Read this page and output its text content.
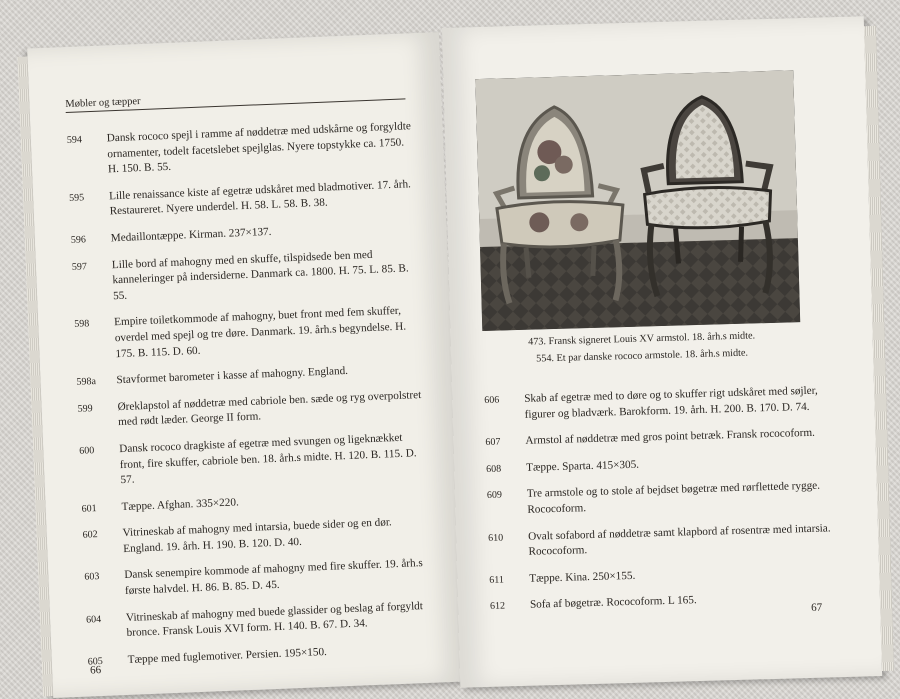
Møbler og tæpper
594	Dansk rococo spejl i ramme af nøddetræ med udskårne og forgyldte ornamenter, todelt facetslebet spejlglas. Nyere topstykke ca. 1750. H. 150. B. 55.
595	Lille renaissance kiste af egetræ udskåret med bladmotiver. 17. årh. Restaureret. Nyere underdel. H. 58. L. 58. B. 38.
596	Medaillontæppe. Kirman. 237×137.
597	Lille bord af mahogny med en skuffe, tilspidsede ben med kanneleringer på indersiderne. Danmark ca. 1800. H. 75. L. 85. B. 55.
598	Empire toiletkommode af mahogny, buet front med fem skuffer, overdel med spejl og tre døre. Danmark. 19. årh.s begyndelse. H. 175. B. 115. D. 60.
598a	Stavformet barometer i kasse af mahogny. England.
599	Øreklapstol af nøddetræ med cabriole ben. sæde og ryg overpolstret med rødt læder. George II form.
600	Dansk rococo dragkiste af egetræ med svungen og ligeknækket front, fire skuffer, cabriole ben. 18. årh.s midte. H. 120. B. 115. D. 57.
601	Tæppe. Afghan. 335×220.
602	Vitrineskab af mahogny med intarsia, buede sider og en dør. England. 19. årh. H. 190. B. 120. D. 40.
603	Dansk senempire kommode af mahogny med fire skuffer. 19. årh.s første halvdel. H. 86. B. 85. D. 45.
604	Vitrineskab af mahogny med buede glassider og beslag af forgyldt bronce. Fransk Louis XVI form. H. 140. B. 67. D. 34.
605	Tæppe med fuglemotiver. Persien. 195×150.
66
473. Fransk signeret Louis XV armstol. 18. årh.s midte.
554. Et par danske rococo armstole. 18. årh.s midte.
606	Skab af egetræ med to døre og to skuffer rigt udskåret med søjler, figurer og bladværk. Barokform. 19. årh. H. 200. B. 170. D. 74.
607	Armstol af nøddetræ med gros point betræk. Fransk rococoform.
608	Tæppe. Sparta. 415×305.
609	Tre armstole og to stole af bejdset bøgetræ med rørflettede rygge. Rococoform.
610	Ovalt sofabord af nøddetræ samt klapbord af rosentræ med intarsia. Rococoform.
611	Tæppe. Kina. 250×155.
612	Sofa af bøgetræ. Rococoform. L 165.	67
